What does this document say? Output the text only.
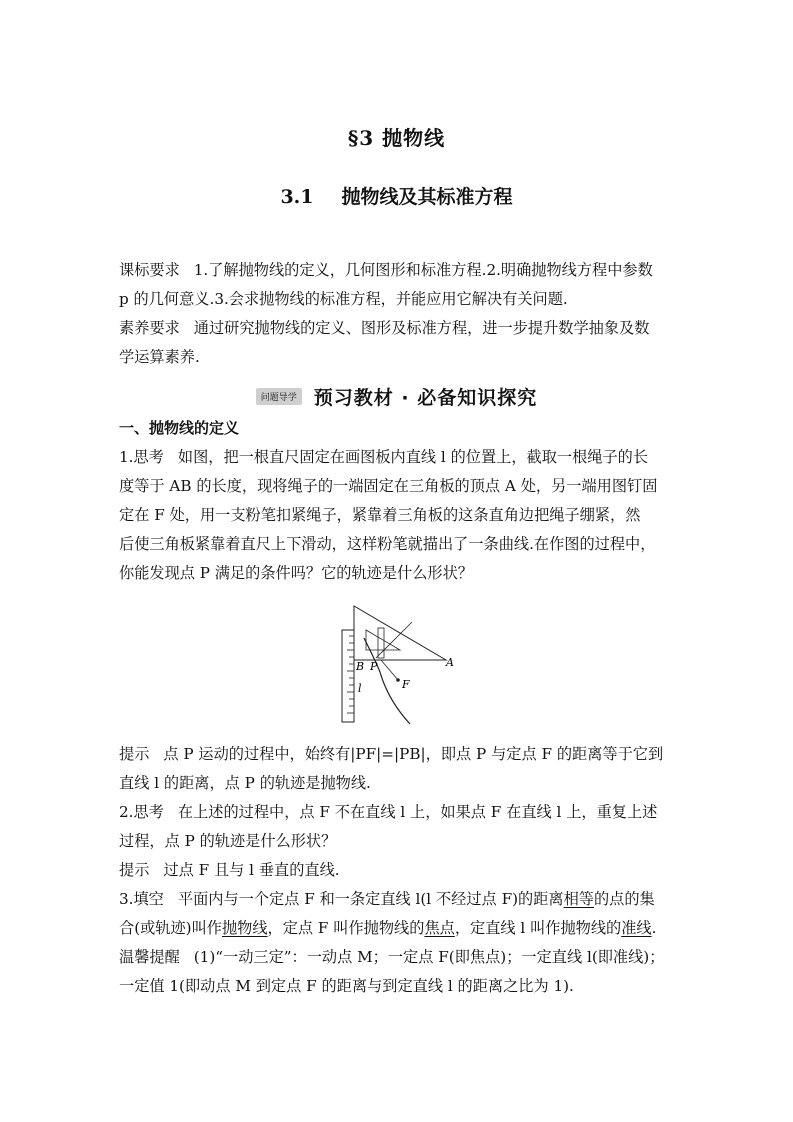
§3 抛物线
3.1 抛物线及其标准方程
课标要求 1.了解抛物线的定义，几何图形和标准方程.2.明确抛物线方程中参数
p 的几何意义.3.会求抛物线的标准方程，并能应用它解决有关问题.
素养要求 通过研究抛物线的定义、图形及标准方程，进一步提升数学抽象及数
学运算素养.
问题导学 预习教材 · 必备知识探究
一、抛物线的定义
1.思考 如图，把一根直尺固定在画图板内直线 l 的位置上，截取一根绳子的长
度等于 AB 的长度，现将绳子的一端固定在三角板的顶点 A 处，另一端用图钉固
定在 F 处，用一支粉笔扣紧绳子，紧靠着三角板的这条直角边把绳子绷紧，然
后使三角板紧靠着直尺上下滑动，这样粉笔就描出了一条曲线.在作图的过程中，
你能发现点 P 满足的条件吗？它的轨迹是什么形状？
B P	A
F
l
提示 点 P 运动的过程中，始终有|PF|=|PB|，即点 P 与定点 F 的距离等于它到
直线 l 的距离，点 P 的轨迹是抛物线.
2.思考 在上述的过程中，点 F 不在直线 l 上，如果点 F 在直线 l 上，重复上述
过程，点 P 的轨迹是什么形状？
提示 过点 F 且与 l 垂直的直线.
3.填空 平面内与一个定点 F 和一条定直线 l(l 不经过点 F)的距离相等的点的集
合(或轨迹)叫作抛物线，定点 F 叫作抛物线的焦点，定直线 l 叫作抛物线的准线.
温馨提醒 (1)“一动三定”：一动点 M；一定点 F(即焦点)；一定直线 l(即准线)；
一定值 1(即动点 M 到定点 F 的距离与到定直线 l 的距离之比为 1).
